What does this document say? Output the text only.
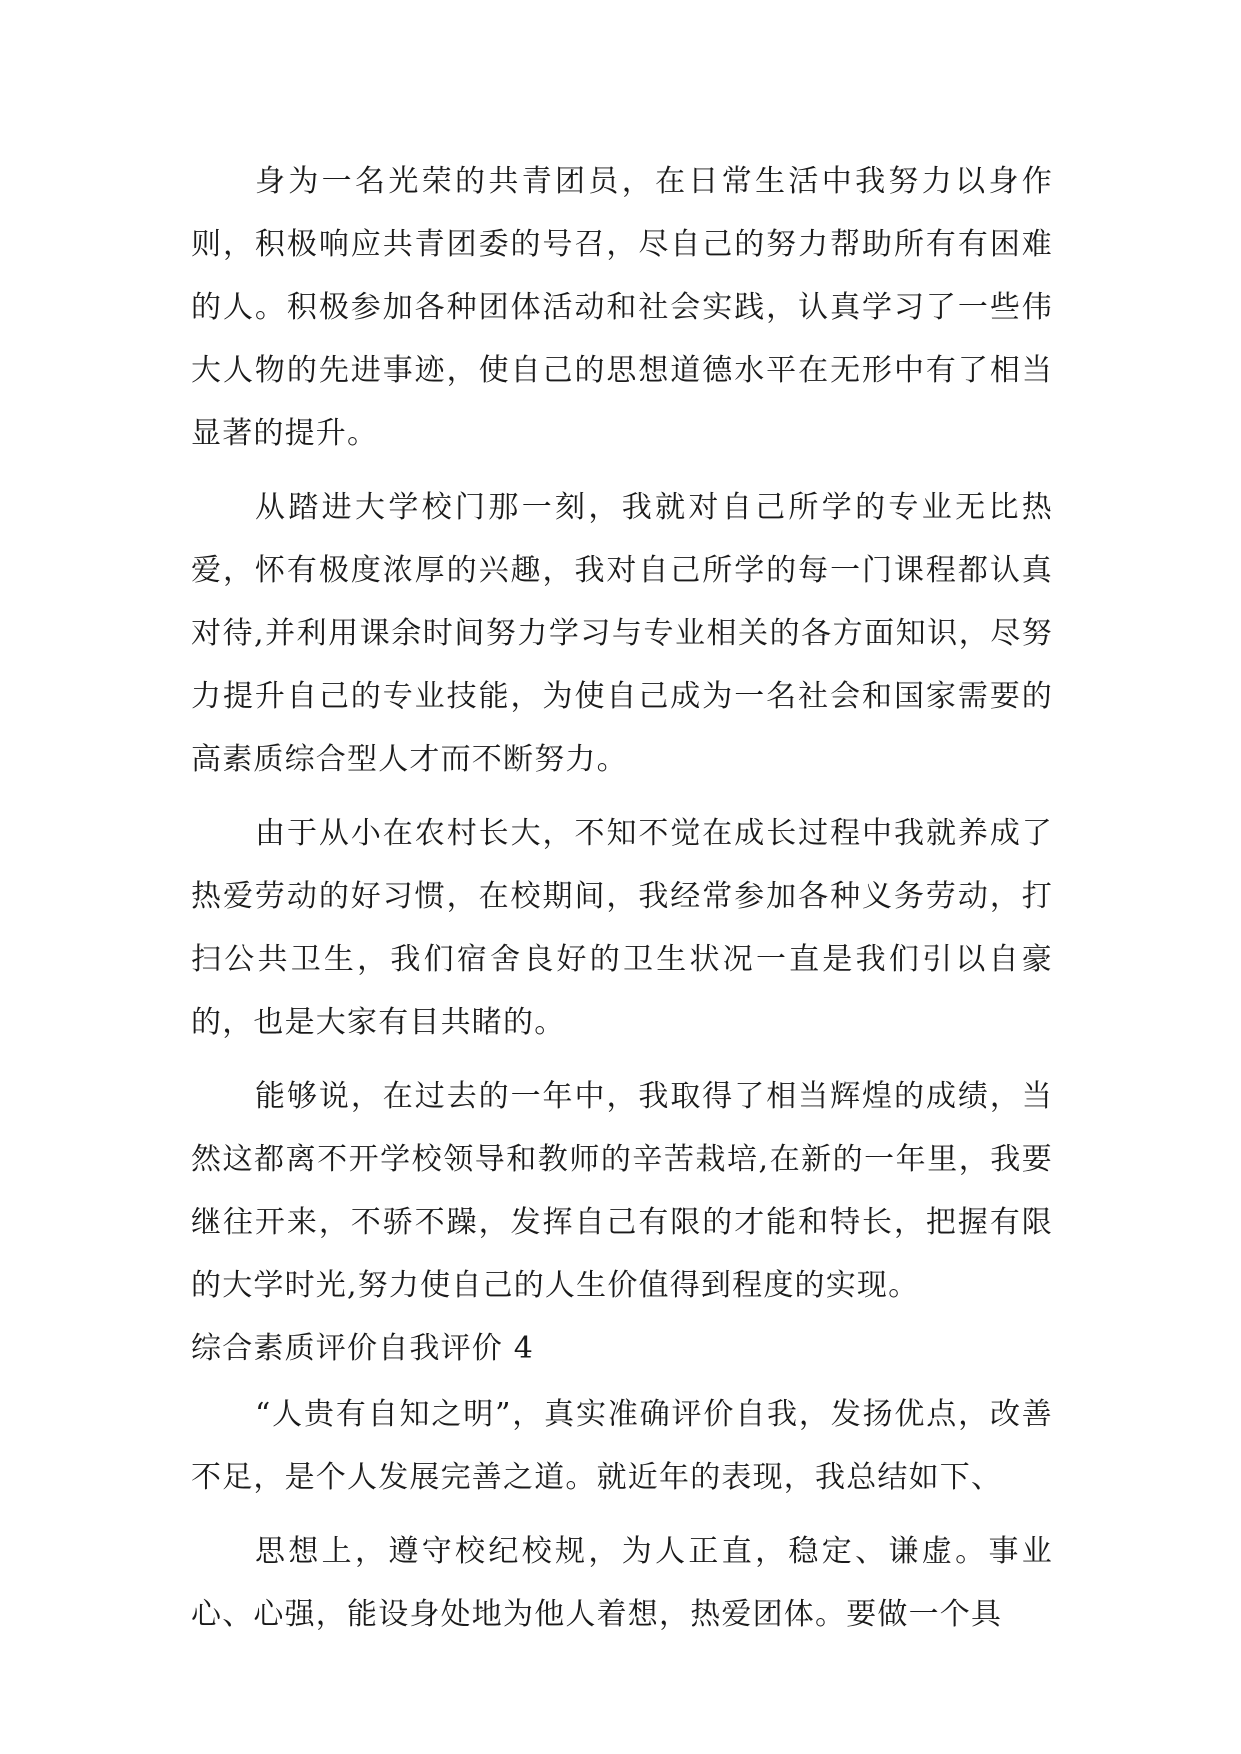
身为一名光荣的共青团员，在日常生活中我努力以身作则，积极响应共青团委的号召，尽自己的努力帮助所有有困难的人。积极参加各种团体活动和社会实践，认真学习了一些伟大人物的先进事迹，使自己的思想道德水平在无形中有了相当显著的提升。

从踏进大学校门那一刻，我就对自己所学的专业无比热爱，怀有极度浓厚的兴趣，我对自己所学的每一门课程都认真对待,并利用课余时间努力学习与专业相关的各方面知识，尽努力提升自己的专业技能，为使自己成为一名社会和国家需要的高素质综合型人才而不断努力。

由于从小在农村长大，不知不觉在成长过程中我就养成了热爱劳动的好习惯，在校期间，我经常参加各种义务劳动，打扫公共卫生，我们宿舍良好的卫生状况一直是我们引以自豪的，也是大家有目共睹的。

能够说，在过去的一年中，我取得了相当辉煌的成绩，当然这都离不开学校领导和教师的辛苦栽培,在新的一年里，我要继往开来，不骄不躁，发挥自己有限的才能和特长，把握有限的大学时光,努力使自己的人生价值得到程度的实现。

综合素质评价自我评价 4

“人贵有自知之明”，真实准确评价自我，发扬优点，改善不足，是个人发展完善之道。就近年的表现，我总结如下、

思想上，遵守校纪校规，为人正直，稳定、谦虚。事业心、心强，能设身处地为他人着想，热爱团体。要做一个具
